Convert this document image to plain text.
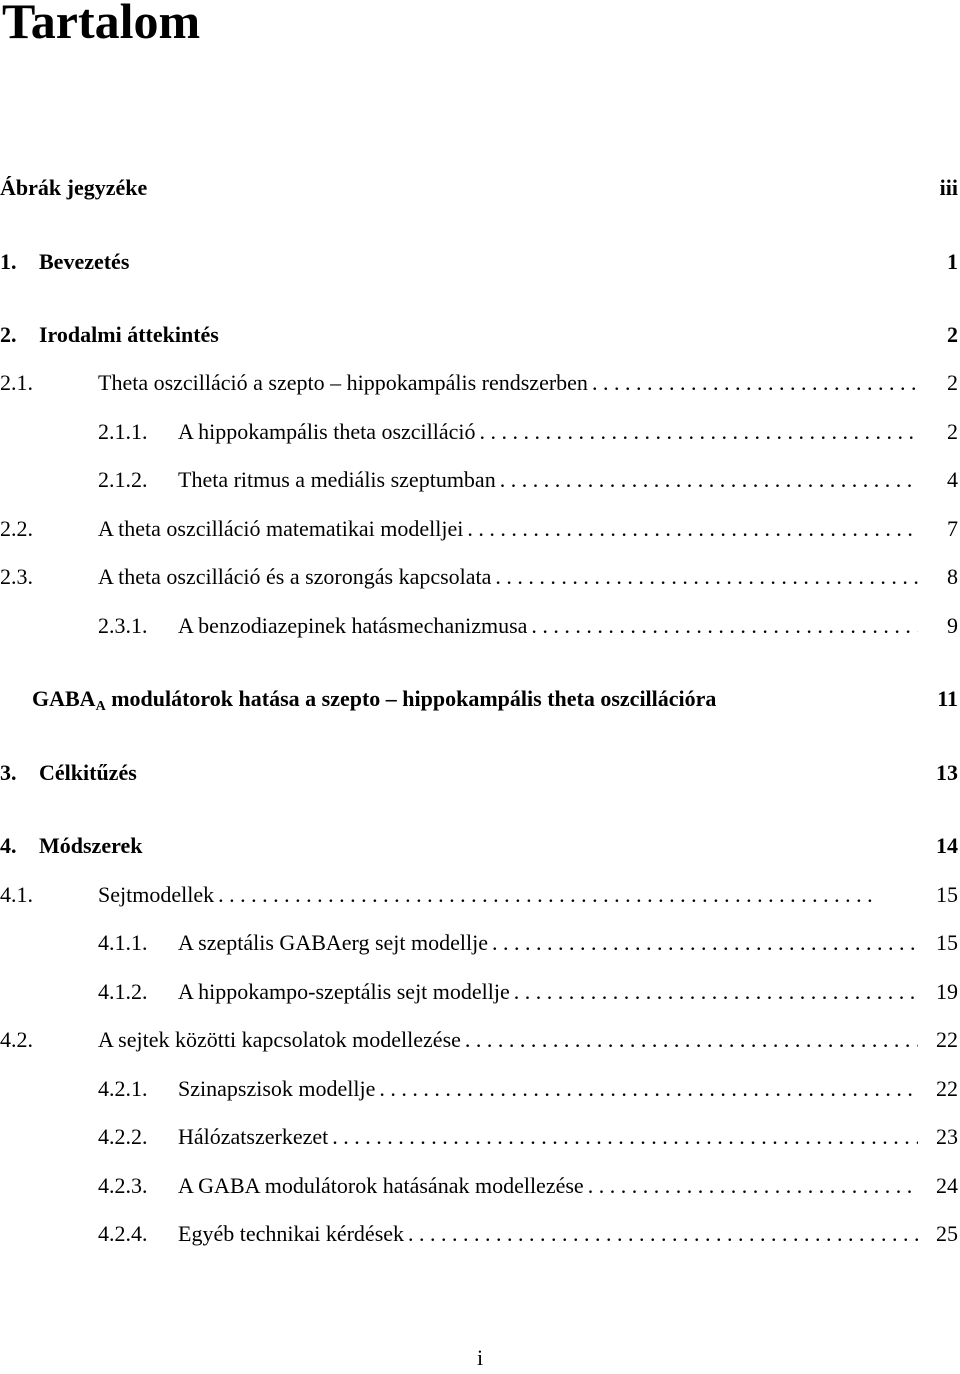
Tartalom
Ábrák jegyzéke	iii
1.	Bevezetés	1
2.	Irodalmi áttekintés	2
2.1.	Theta oszcilláció a szepto – hippokampális rendszerben . . .	2
2.1.1.	A hippokampális theta oszcilláció . . .	2
2.1.2.	Theta ritmus a mediális szeptumban . . .	4
2.2.	A theta oszcilláció matematikai modelljei . . .	7
2.3.	A theta oszcilláció és a szorongás kapcsolata . . .	8
2.3.1.	A benzodiazepinek hatásmechanizmusa . . .	9
$GABA_A$ modulátorok hatása a szepto – hippokampális theta oszcillációra	11
3.	Célkitűzés	13
4.	Módszerek	14
4.1.	Sejtmodellek . . .	15
4.1.1.	A szeptális GABAerg sejt modellje . . .	15
4.1.2.	A hippokampo-szeptális sejt modellje . . .	19
4.2.	A sejtek közötti kapcsolatok modellezése . . .	22
4.2.1.	Szinapszisok modellje . . .	22
4.2.2.	Hálózatszerkezet . . .	23
4.2.3.	A GABA modulátorok hatásának modellezése . . .	24
4.2.4.	Egyéb technikai kérdések . . .	25
i
